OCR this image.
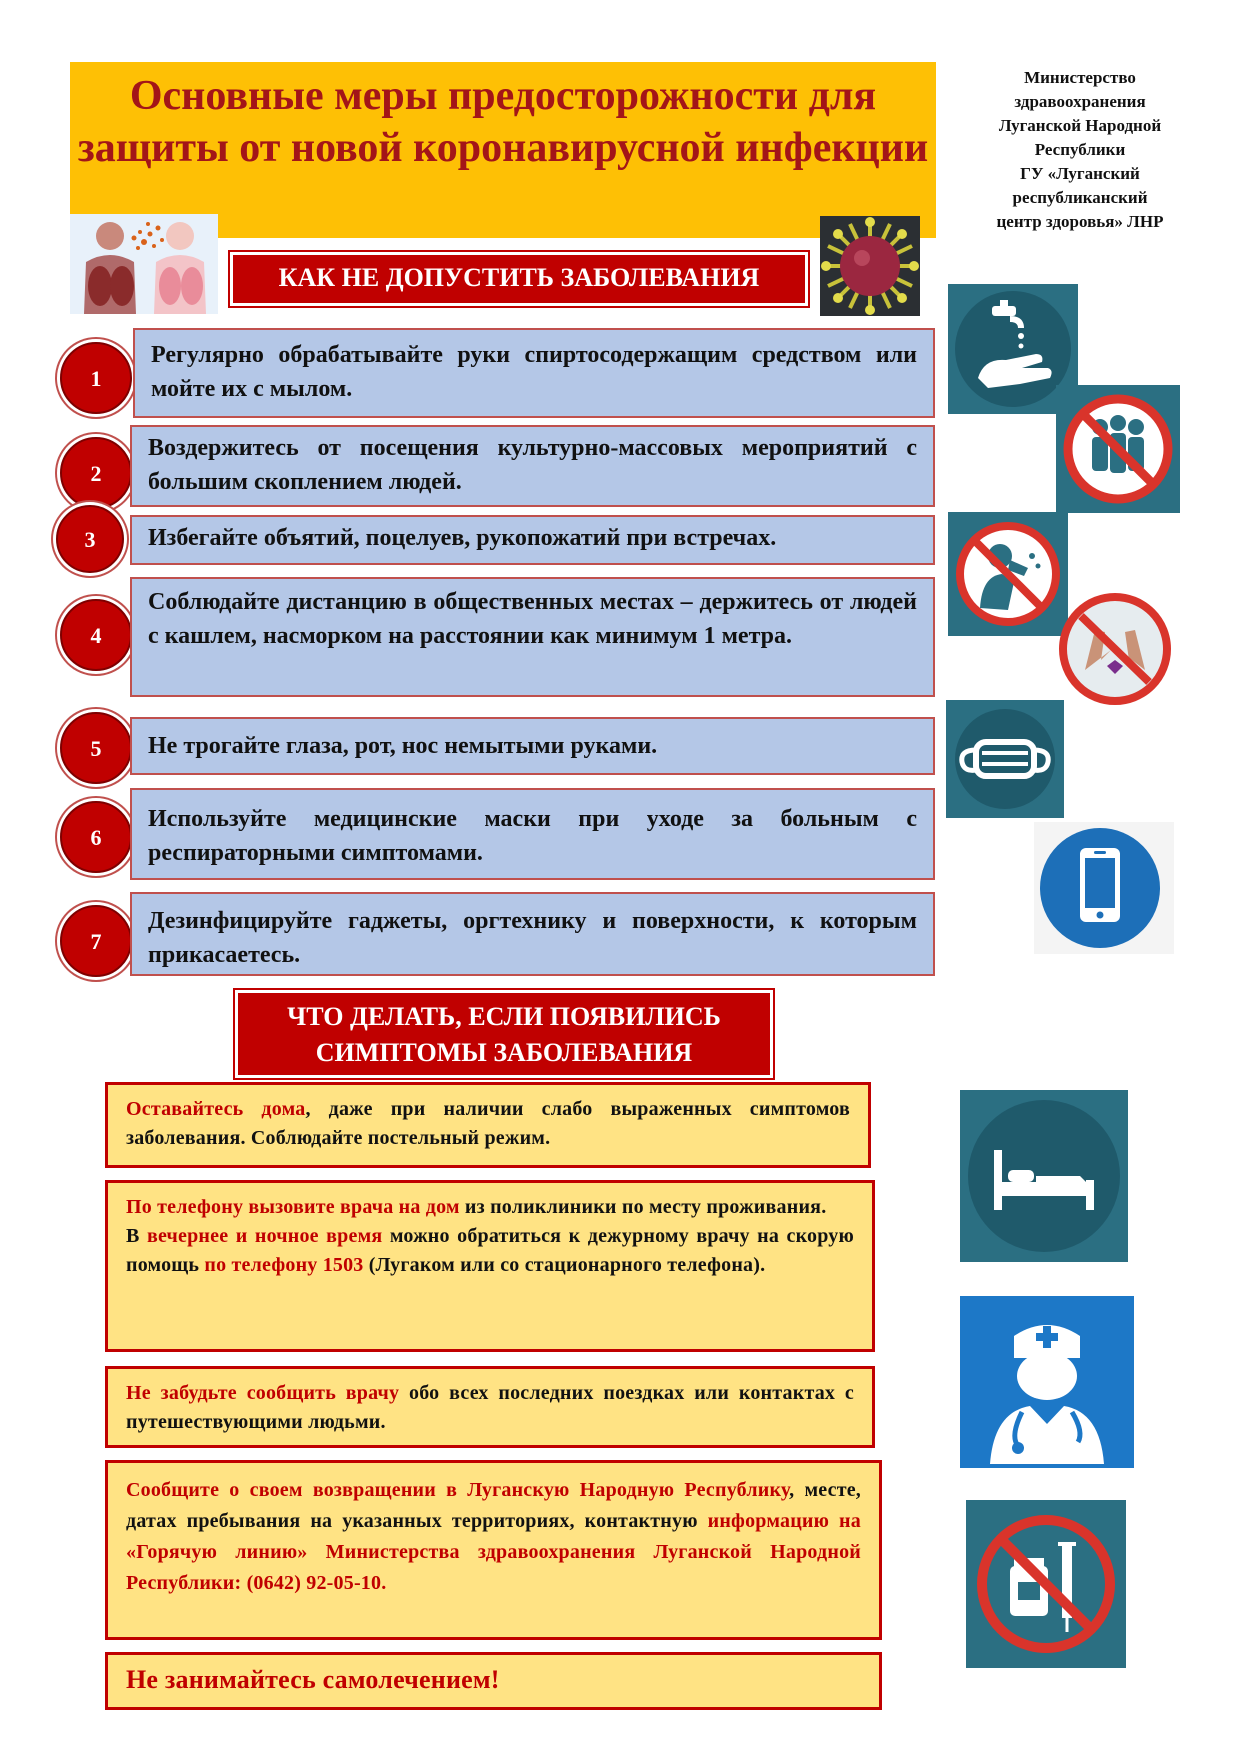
Основные меры предосторожности для защиты от новой коронавирусной инфекции
Министерство
здравоохранения
Луганской Народной
Республики
ГУ «Луганский
республиканский
центр здоровья» ЛНР
КАК НЕ ДОПУСТИТЬ ЗАБОЛЕВАНИЯ
1
Регулярно обрабатывайте руки спиртосодержащим средством или мойте их с мылом.
2
Воздержитесь от посещения культурно-массовых мероприятий с большим скоплением людей.
3	Избегайте объятий, поцелуев, рукопожатий при встречах.
4
Соблюдайте дистанцию в общественных местах – держитесь от людей с кашлем, насморком на расстоянии как минимум 1 метра.
5	Не трогайте глаза, рот, нос немытыми руками.
6
Используйте медицинские маски при уходе за больным с респираторными симптомами.
7
Дезинфицируйте гаджеты, оргтехнику и поверхности, к которым прикасаетесь.
ЧТО ДЕЛАТЬ, ЕСЛИ ПОЯВИЛИСЬ
СИМПТОМЫ ЗАБОЛЕВАНИЯ
Оставайтесь дома, даже при наличии слабо выраженных симптомов заболевания. Соблюдайте постельный режим.
По телефону вызовите врача на дом из поликлиники по месту проживания.
В вечернее и ночное время можно обратиться к дежурному врачу на скорую помощь по телефону 1503 (Лугаком или со стационарного телефона).
Не забудьте сообщить врачу обо всех последних поездках или контактах с путешествующими людьми.
Сообщите о своем возвращении в Луганскую Народную Республику, месте, датах пребывания на указанных территориях, контактную информацию на «Горячую линию» Министерства здравоохранения Луганской Народной Республики: (0642) 92-05-10.
Не занимайтесь самолечением!
